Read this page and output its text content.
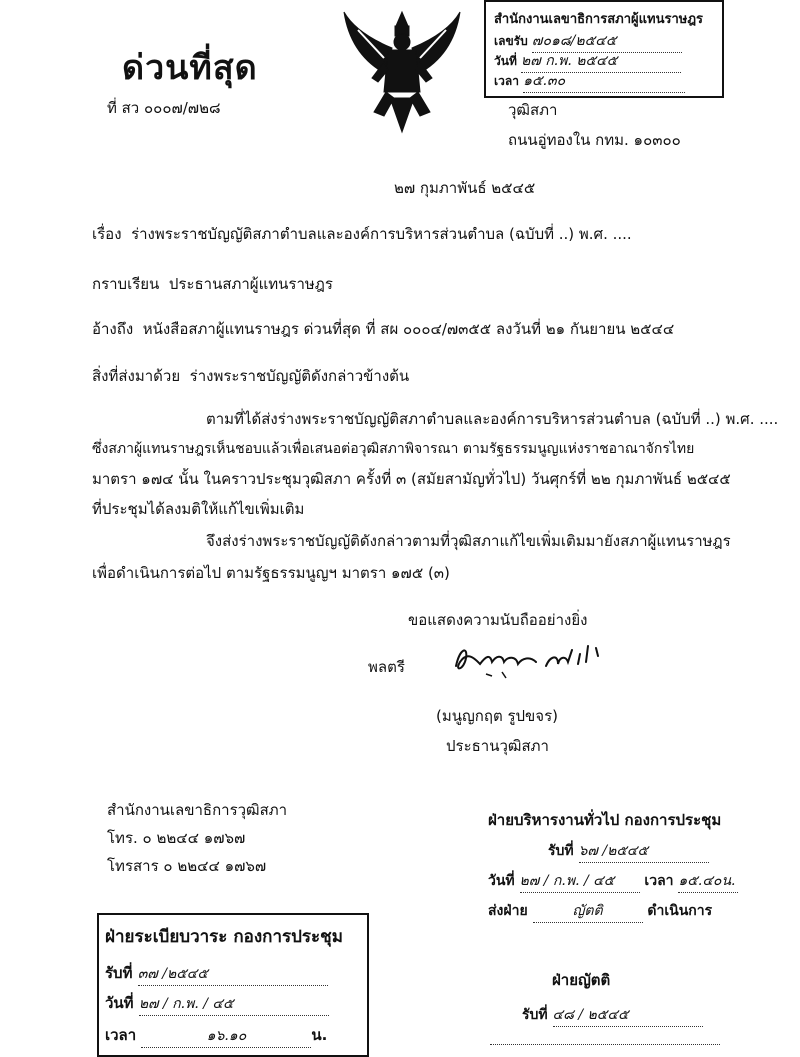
ด่วนที่สุด
ที่ สว ๐๐๐๗/๗๒๘
สำนักงานเลขาธิการสภาผู้แทนราษฎร
เลขรับ ๗๐๑๘/๒๕๔๕
วันที่ ๒๗ ก.พ. ๒๕๔๕
เวลา ๑๕.๓๐
วุฒิสภา
ถนนอู่ทองใน กทม. ๑๐๓๐๐
๒๗ กุมภาพันธ์ ๒๕๔๕
เรื่อง ร่างพระราชบัญญัติสภาตำบลและองค์การบริหารส่วนตำบล (ฉบับที่ ..) พ.ศ. ....
กราบเรียน ประธานสภาผู้แทนราษฎร
อ้างถึง หนังสือสภาผู้แทนราษฎร ด่วนที่สุด ที่ สผ ๐๐๐๔/๗๓๕๕ ลงวันที่ ๒๑ กันยายน ๒๕๔๔
สิ่งที่ส่งมาด้วย ร่างพระราชบัญญัติดังกล่าวข้างต้น
ตามที่ได้ส่งร่างพระราชบัญญัติสภาตำบลและองค์การบริหารส่วนตำบล (ฉบับที่ ..) พ.ศ. ....
ซึ่งสภาผู้แทนราษฎรเห็นชอบแล้วเพื่อเสนอต่อวุฒิสภาพิจารณา ตามรัฐธรรมนูญแห่งราชอาณาจักรไทย
มาตรา ๑๗๔ นั้น ในคราวประชุมวุฒิสภา ครั้งที่ ๓ (สมัยสามัญทั่วไป) วันศุกร์ที่ ๒๒ กุมภาพันธ์ ๒๕๔๕
ที่ประชุมได้ลงมติให้แก้ไขเพิ่มเติม
จึงส่งร่างพระราชบัญญัติดังกล่าวตามที่วุฒิสภาแก้ไขเพิ่มเติมมายังสภาผู้แทนราษฎร
เพื่อดำเนินการต่อไป ตามรัฐธรรมนูญฯ มาตรา ๑๗๕ (๓)
ขอแสดงความนับถืออย่างยิ่ง
พลตรี
(มนูญกฤต รูปขจร)
ประธานวุฒิสภา
สำนักงานเลขาธิการวุฒิสภา
โทร. ๐ ๒๒๔๔ ๑๗๖๗
โทรสาร ๐ ๒๒๔๔ ๑๗๖๗
ฝ่ายบริหารงานทั่วไป กองการประชุม
รับที่ ๖๗ /๒๕๔๕
วันที่ ๒๗ / ก.พ. / ๔๕ เวลา ๑๕.๔๐น.
ส่งฝ่าย	ญัตติ	ดำเนินการ
ฝ่ายระเบียบวาระ กองการประชุม
รับที่ ๓๗ /๒๕๔๕
วันที่ ๒๗ / ก.พ. / ๔๕
เวลา	๑๖.๑๐	น.
ฝ่ายญัตติ
รับที่ ๔๘ / ๒๕๔๕
